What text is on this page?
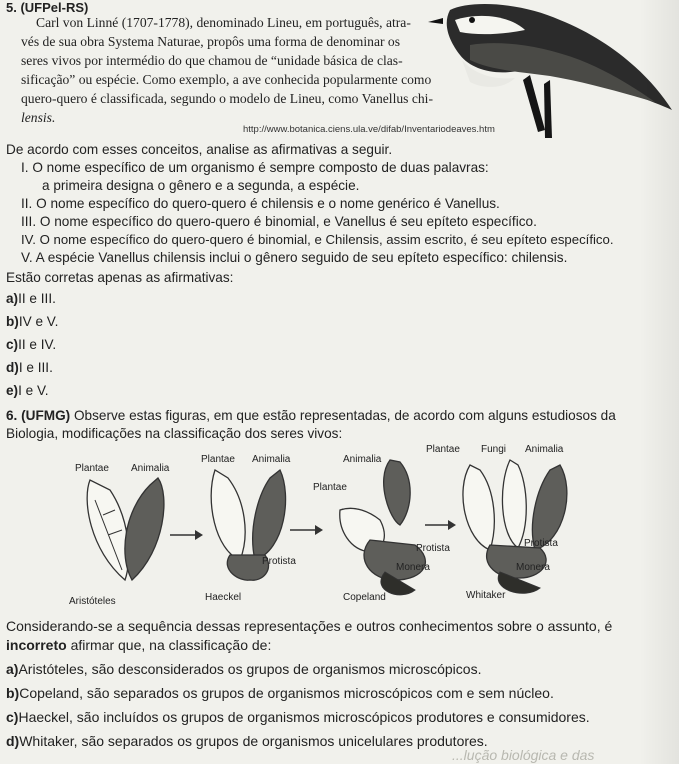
5. (UFPel-RS)
Carl von Linné (1707-1778), denominado Lineu, em português, atra-
vés de sua obra Systema Naturae, propôs uma forma de denominar os
seres vivos por intermédio do que chamou de “unidade básica de clas-
sificação” ou espécie. Como exemplo, a ave conhecida popularmente como
quero-quero é classificada, segundo o modelo de Lineu, como Vanellus chi-
lensis.
http://www.botanica.ciens.ula.ve/difab/Inventariodeaves.htm
De acordo com esses conceitos, analise as afirmativas a seguir.
I. O nome específico de um organismo é sempre composto de duas palavras:
a primeira designa o gênero e a segunda, a espécie.
II. O nome específico do quero-quero é chilensis e o nome genérico é Vanellus.
III. O nome específico do quero-quero é binomial, e Vanellus é seu epíteto específico.
IV. O nome específico do quero-quero é binomial, e Chilensis, assim escrito, é seu epíteto específico.
V. A espécie Vanellus chilensis inclui o gênero seguido de seu epíteto específico: chilensis.
Estão corretas apenas as afirmativas:
a)II e III.
b)IV e V.
c)II e IV.
d)I e III.
e)I e V.
6. (UFMG) Observe estas figuras, em que estão representadas, de acordo com alguns estudiosos da
Biologia, modificações na classificação dos seres vivos:
Plantae Animalia
Aristóteles
Plantae Animalia
Protista
Haeckel
Animalia
Plantae
Protista
Monera
Copeland
Plantae Fungi Animalia
Protista
Monera
Whitaker
Considerando-se a sequência dessas representações e outros conhecimentos sobre o assunto, é
incorreto afirmar que, na classificação de:
a)Aristóteles, são desconsiderados os grupos de organismos microscópicos.
b)Copeland, são separados os grupos de organismos microscópicos com e sem núcleo.
c)Haeckel, são incluídos os grupos de organismos microscópicos produtores e consumidores.
d)Whitaker, são separados os grupos de organismos unicelulares produtores.
...lução biológica e das
